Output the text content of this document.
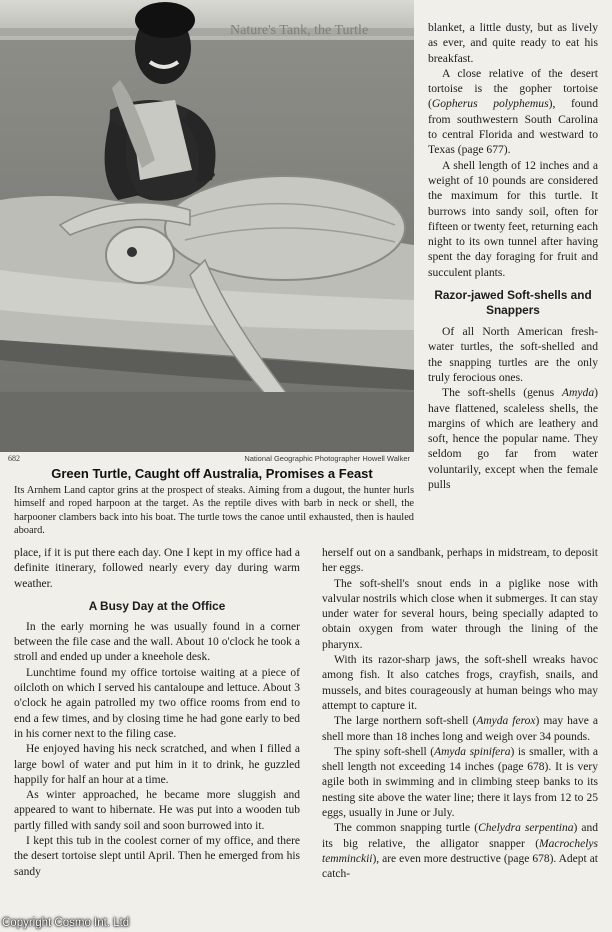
Nature's Tank, the Turtle
682	National Geographic Photographer Howell Walker
Green Turtle, Caught off Australia, Promises a Feast
Its Arnhem Land captor grins at the prospect of steaks. Aiming from a dugout, the hunter hurls himself and roped harpoon at the target. As the reptile dives with barb in neck or shell, the harpooner clambers back into his boat. The turtle tows the canoe until exhausted, then is hauled aboard.

blanket, a little dusty, but as lively as ever, and quite ready to eat his breakfast.

A close relative of the desert tortoise is the gopher tortoise (Gopherus polyphemus), found from southwestern South Carolina to central Florida and westward to Texas (page 677).

A shell length of 12 inches and a weight of 10 pounds are considered the maximum for this turtle. It burrows into sandy soil, often for fifteen or twenty feet, returning each night to its own tunnel after having spent the day foraging for fruit and succulent plants.

Razor-jawed Soft-shells and Snappers

Of all North American fresh-water turtles, the soft-shelled and the snapping turtles are the only truly ferocious ones.

The soft-shells (genus Amyda) have flattened, scaleless shells, the margins of which are leathery and soft, hence the popular name. They seldom go far from water voluntarily, except when the female pulls

place, if it is put there each day. One I kept in my office had a definite itinerary, followed nearly every day during warm weather.

A Busy Day at the Office

In the early morning he was usually found in a corner between the file case and the wall. About 10 o'clock he took a stroll and ended up under a kneehole desk.

Lunchtime found my office tortoise waiting at a piece of oilcloth on which I served his cantaloupe and lettuce. About 3 o'clock he again patrolled my two office rooms from end to end a few times, and by closing time he had gone early to bed in his corner next to the filing case.

He enjoyed having his neck scratched, and when I filled a large bowl of water and put him in it to drink, he guzzled happily for half an hour at a time.

As winter approached, he became more sluggish and appeared to want to hibernate. He was put into a wooden tub partly filled with sandy soil and soon burrowed into it.

I kept this tub in the coolest corner of my office, and there the desert tortoise slept until April. Then he emerged from his sandy

herself out on a sandbank, perhaps in midstream, to deposit her eggs.

The soft-shell's snout ends in a piglike nose with valvular nostrils which close when it submerges. It can stay under water for several hours, being specially adapted to obtain oxygen from water through the lining of the pharynx.

With its razor-sharp jaws, the soft-shell wreaks havoc among fish. It also catches frogs, crayfish, snails, and mussels, and bites courageously at human beings who may attempt to capture it.

The large northern soft-shell (Amyda ferox) may have a shell more than 18 inches long and weigh over 34 pounds.

The spiny soft-shell (Amyda spinifera) is smaller, with a shell length not exceeding 14 inches (page 678). It is very agile both in swimming and in climbing steep banks to its nesting site above the water line; there it lays from 12 to 25 eggs, usually in June or July.

The common snapping turtle (Chelydra serpentina) and its big relative, the alligator snapper (Macrochelys temminckii), are even more destructive (page 678). Adept at catch-

Copyright Cosmo Int. Ltd
